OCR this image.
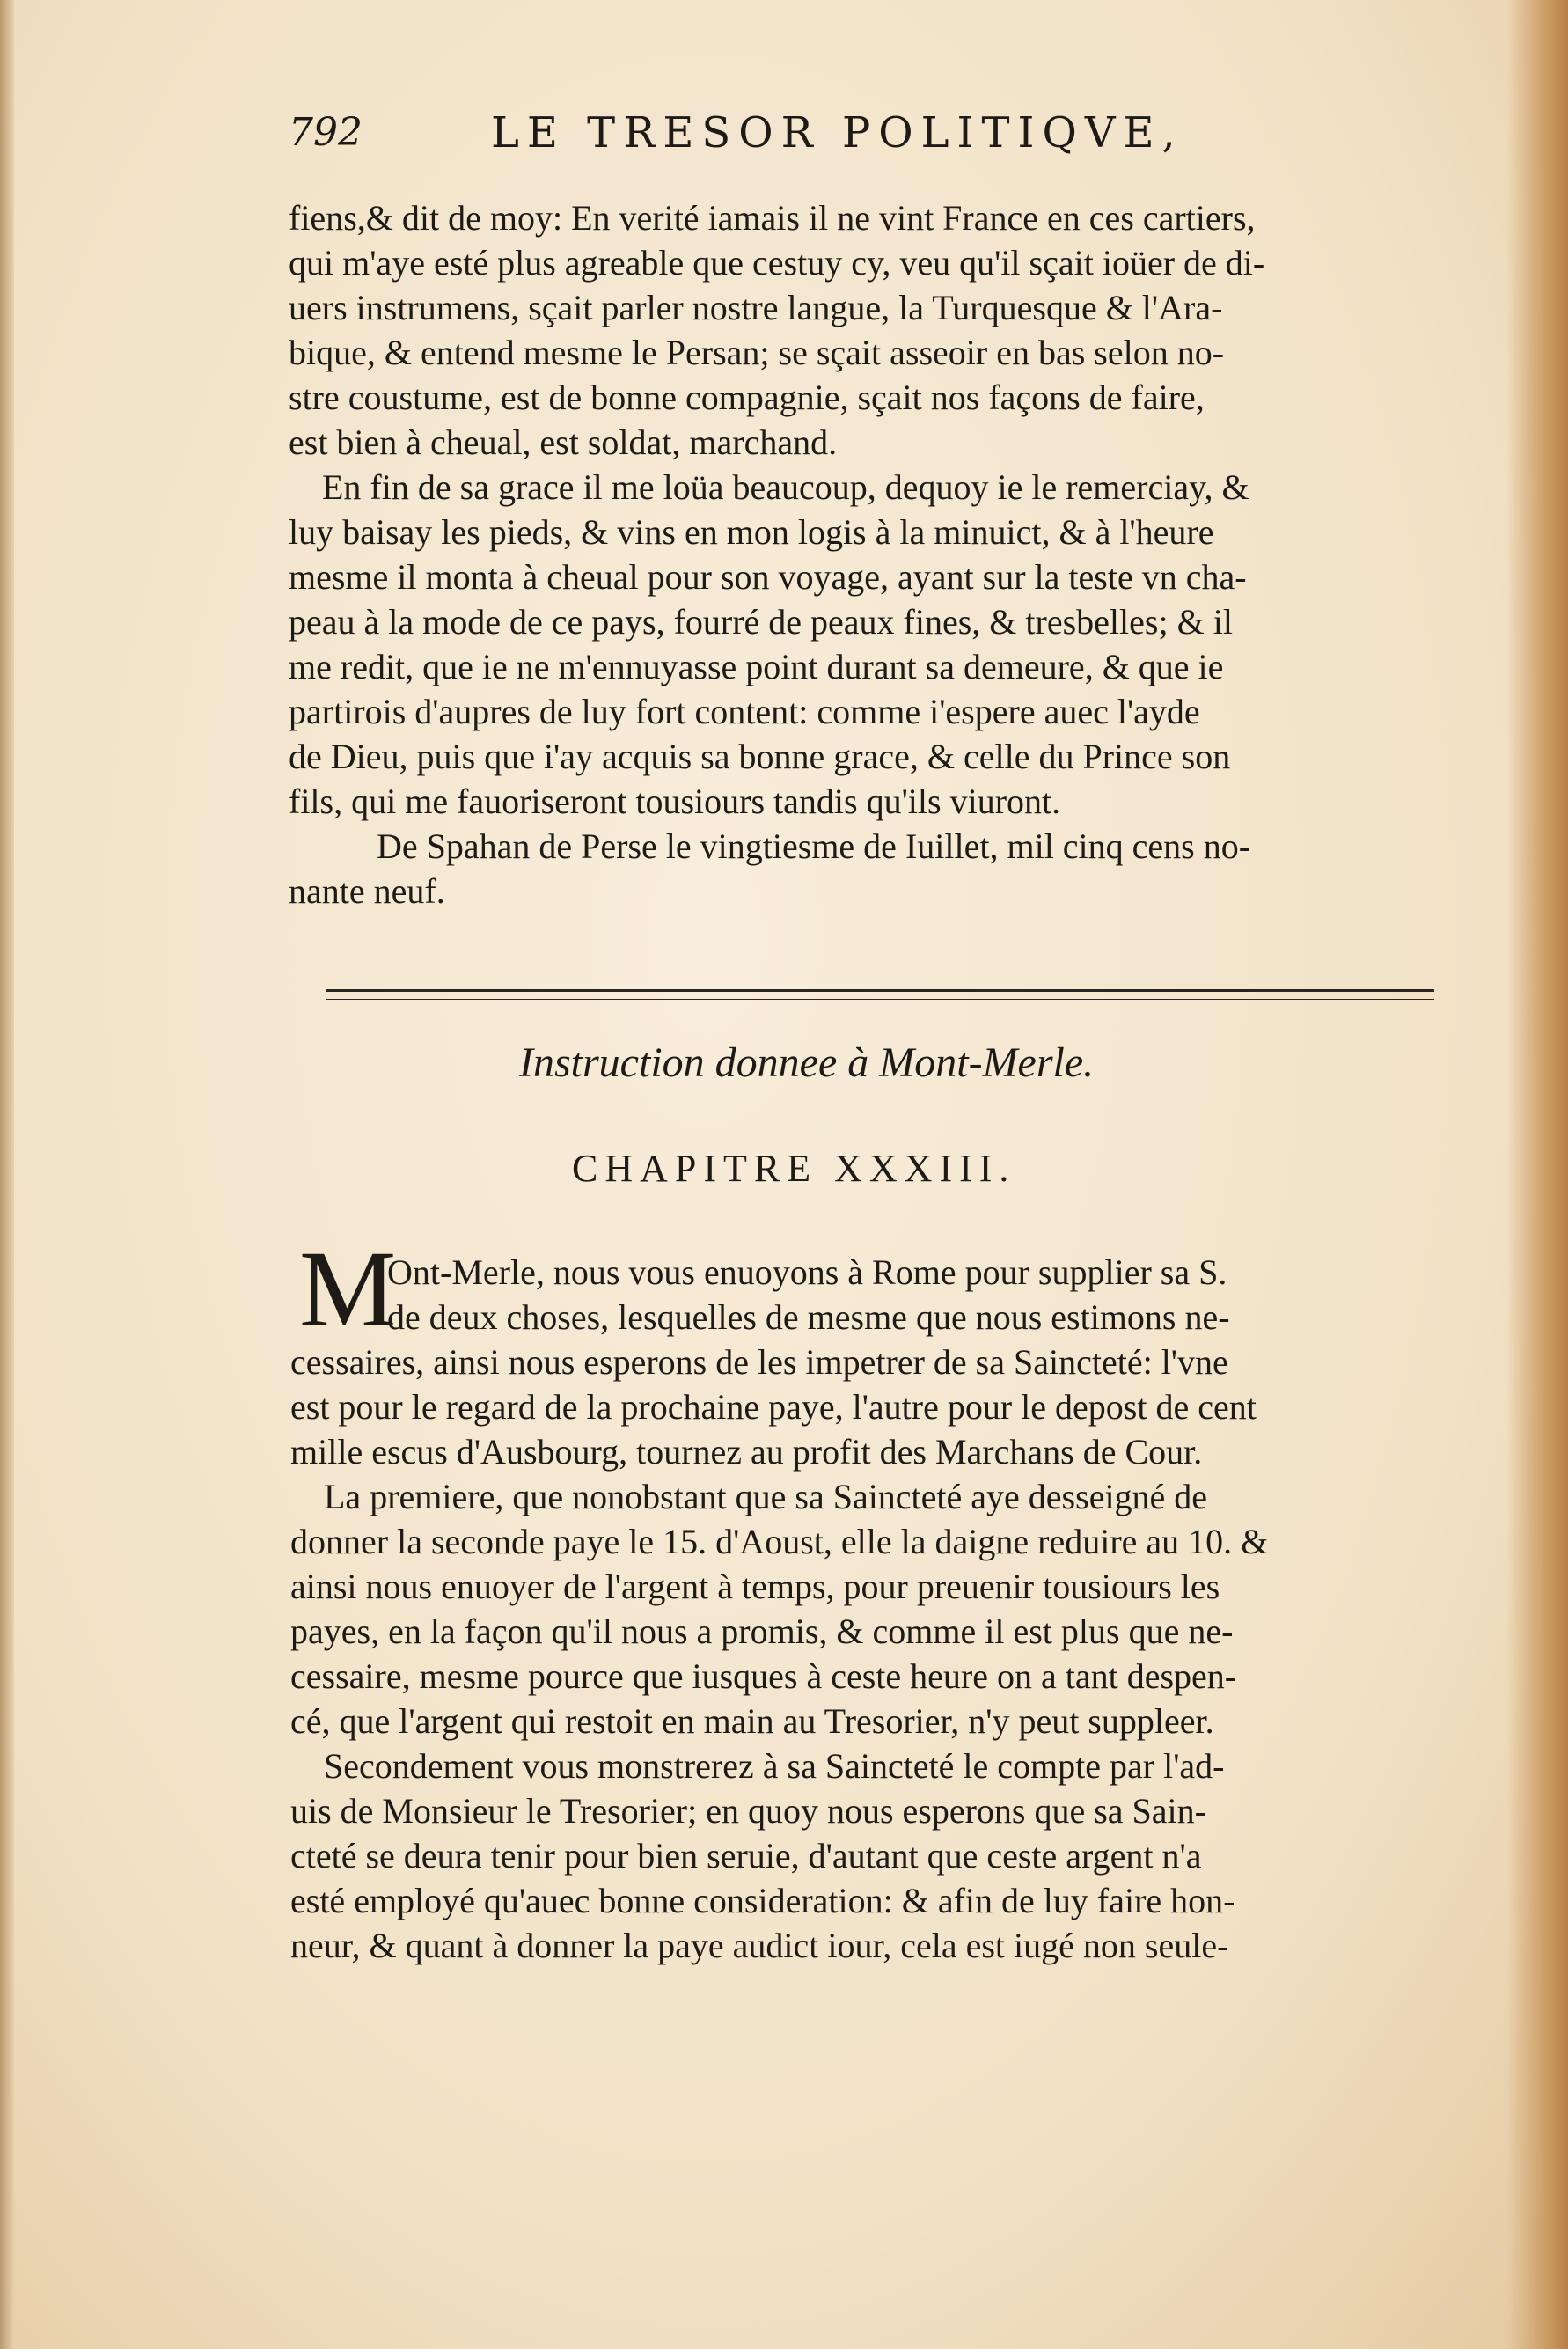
792	LE TRESOR POLITIQVE,
fiens,& dit de moy: En verité iamais il ne vint France en ces cartiers,
qui m'aye esté plus agreable que cestuy cy, veu qu'il sçait ioüer de di-
uers instrumens, sçait parler nostre langue, la Turquesque & l'Ara-
bique, & entend mesme le Persan; se sçait asseoir en bas selon no-
stre coustume, est de bonne compagnie, sçait nos façons de faire,
est bien à cheual, est soldat, marchand.
En fin de sa grace il me loüa beaucoup, dequoy ie le remerciay, &
luy baisay les pieds, & vins en mon logis à la minuict, & à l'heure
mesme il monta à cheual pour son voyage, ayant sur la teste vn cha-
peau à la mode de ce pays, fourré de peaux fines, & tresbelles; & il
me redit, que ie ne m'ennuyasse point durant sa demeure, & que ie
partirois d'aupres de luy fort content: comme i'espere auec l'ayde
de Dieu, puis que i'ay acquis sa bonne grace, & celle du Prince son
fils, qui me fauoriseront tousiours tandis qu'ils viuront.
De Spahan de Perse le vingtiesme de Iuillet, mil cinq cens no-
nante neuf.
Instruction donnee à Mont-Merle.
CHAPITRE XXXIII.
M
Ont-Merle, nous vous enuoyons à Rome pour supplier sa S.
de deux choses, lesquelles de mesme que nous estimons ne-
cessaires, ainsi nous esperons de les impetrer de sa Saincteté: l'vne
est pour le regard de la prochaine paye, l'autre pour le depost de cent
mille escus d'Ausbourg, tournez au profit des Marchans de Cour.
La premiere, que nonobstant que sa Saincteté aye desseigné de
donner la seconde paye le 15. d'Aoust, elle la daigne reduire au 10. &
ainsi nous enuoyer de l'argent à temps, pour preuenir tousiours les
payes, en la façon qu'il nous a promis, & comme il est plus que ne-
cessaire, mesme pource que iusques à ceste heure on a tant despen-
cé, que l'argent qui restoit en main au Tresorier, n'y peut suppleer.
Secondement vous monstrerez à sa Saincteté le compte par l'ad-
uis de Monsieur le Tresorier; en quoy nous esperons que sa Sain-
cteté se deura tenir pour bien seruie, d'autant que ceste argent n'a
esté employé qu'auec bonne consideration: & afin de luy faire hon-
neur, & quant à donner la paye audict iour, cela est iugé non seule-
